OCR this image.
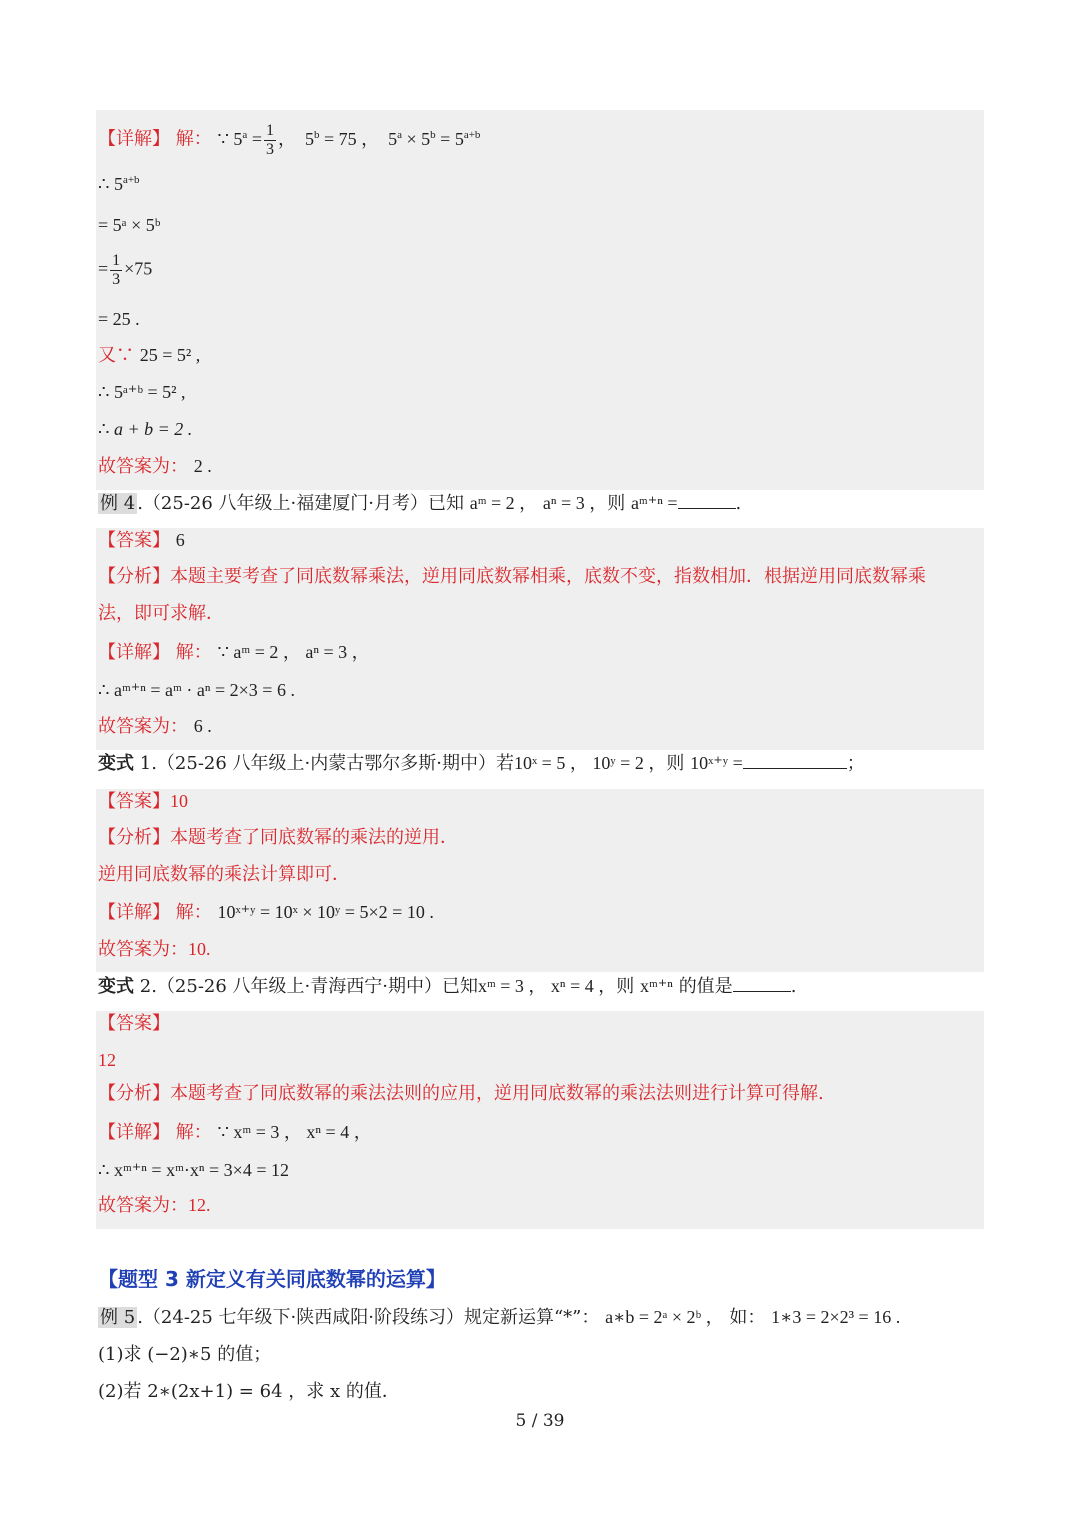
【详解】 解： ∵ $5^a = \frac{1}{3}$ ，  $5^b = 75$ ，  $5^a \times 5^b = 5^{a+b}$
∴ $5^{a+b}$
= 5ᵃ × 5ᵇ
= $\frac{1}{3} \times 75$
= 25 .
又∵ 25 = 5² ,
∴ 5ᵃ⁺ᵇ = 5² ,
∴ a + b = 2 .
故答案为： 2 .
例 4 .（25-26 八年级上·福建厦门·月考）已知 aᵐ = 2 ， aⁿ = 3 ，则 aᵐ⁺ⁿ =	.
【答案】 6
【分析】本题主要考查了同底数幂乘法，逆用同底数幂相乘，底数不变，指数相加．根据逆用同底数幂乘
法，即可求解．
【详解】 解： ∵ aᵐ = 2 ， aⁿ = 3 ，
∴ aᵐ⁺ⁿ = aᵐ · aⁿ = 2×3 = 6 .
故答案为： 6 .
变式 1.（25-26 八年级上·内蒙古鄂尔多斯·期中）若10ˣ = 5 ， 10ʸ = 2 ，则 10ˣ⁺ʸ =	；
【答案】10
【分析】本题考查了同底数幂的乘法的逆用．
逆用同底数幂的乘法计算即可．
【详解】 解： 10ˣ⁺ʸ = 10ˣ × 10ʸ = 5×2 = 10 .
故答案为：10.
变式 2.（25-26 八年级上·青海西宁·期中）已知xᵐ = 3 ， xⁿ = 4 ，则 xᵐ⁺ⁿ 的值是	.
【答案】
12
【分析】本题考查了同底数幂的乘法法则的应用，逆用同底数幂的乘法法则进行计算可得解.
【详解】 解： ∵ xᵐ = 3 ， xⁿ = 4 ，
∴ xᵐ⁺ⁿ = xᵐ·xⁿ = 3×4 = 12
故答案为：12.
【题型 3 新定义有关同底数幂的运算】
例 5 .（24-25 七年级下·陕西咸阳·阶段练习）规定新运算“*”： a∗b = 2ᵃ × 2ᵇ ， 如： 1∗3 = 2×2³ = 16 .
(1)求 (−2)∗5 的值；
(2)若 2∗(2x+1) = 64 ，求 x 的值．
5 / 39
